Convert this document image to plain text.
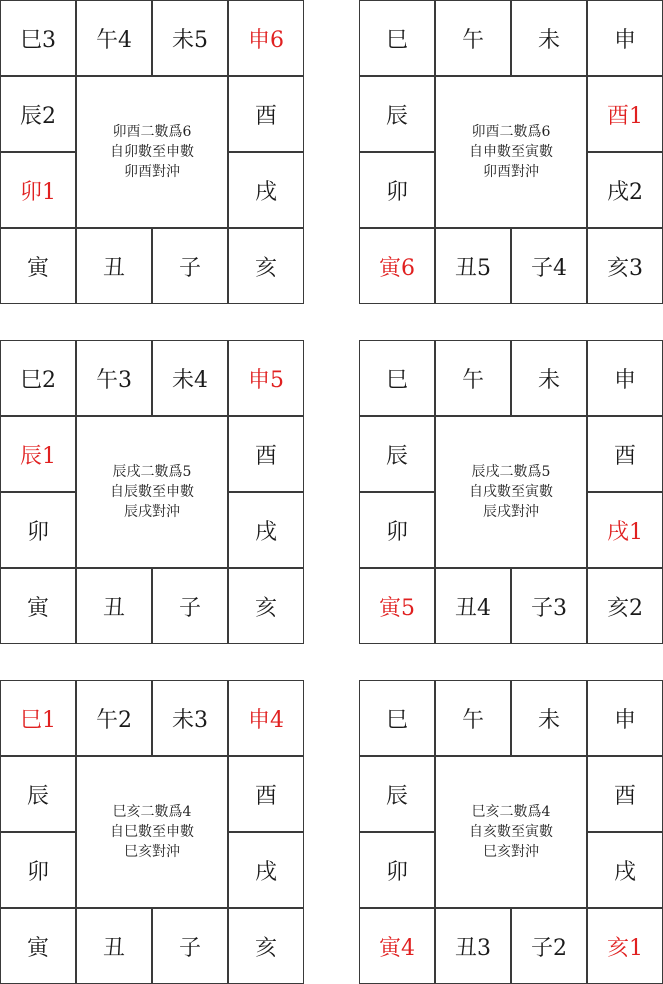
巳3	午4	未5	申6
辰2	酉
卯1	戌
寅	丑	子	亥
卯酉二數爲6
自卯數至申數
卯酉對沖
巳	午	未	申
辰	酉1
卯	戌2
寅6	丑5	子4	亥3
卯酉二數爲6
自申數至寅數
卯酉對沖
巳2	午3	未4	申5
辰1	酉
卯	戌
寅	丑	子	亥
辰戌二數爲5
自辰數至申數
辰戌對沖
巳	午	未	申
辰	酉
卯	戌1
寅5	丑4	子3	亥2
辰戌二數爲5
自戌數至寅數
辰戌對沖
巳1	午2	未3	申4
辰	酉
卯	戌
寅	丑	子	亥
巳亥二數爲4
自巳數至申數
巳亥對沖
巳	午	未	申
辰	酉
卯	戌
寅4	丑3	子2	亥1
巳亥二數爲4
自亥數至寅數
巳亥對沖
